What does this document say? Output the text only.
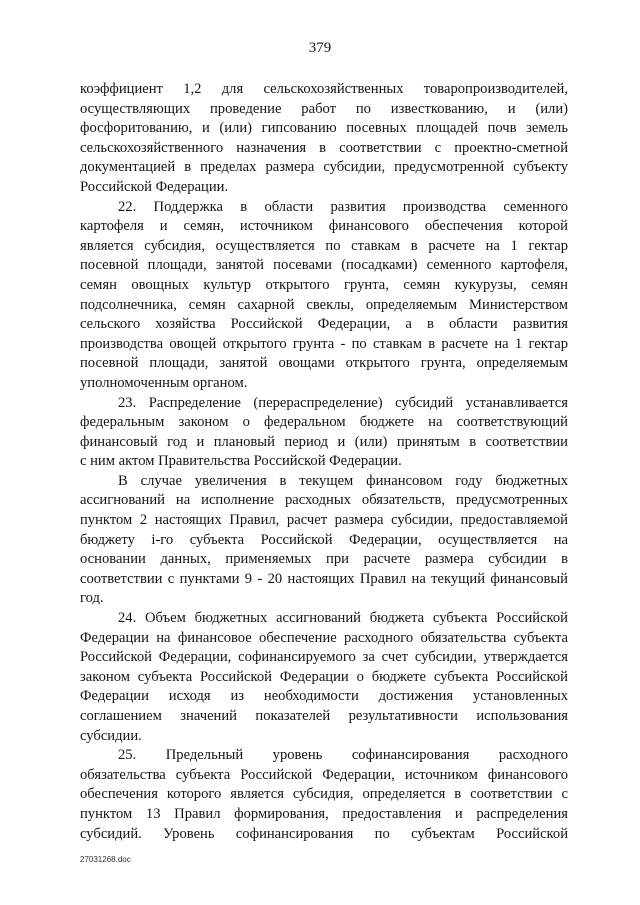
379
коэффициент 1,2 для сельскохозяйственных товаропроизводителей,
осуществляющих проведение работ по известкованию, и (или)
фосфоритованию, и (или) гипсованию посевных площадей почв земель
сельскохозяйственного назначения в соответствии с проектно-сметной
документацией в пределах размера субсидии, предусмотренной субъекту
Российской Федерации.
22. Поддержка в области развития производства семенного
картофеля и семян, источником финансового обеспечения которой
является субсидия, осуществляется по ставкам в расчете на 1 гектар
посевной площади, занятой посевами (посадками) семенного картофеля,
семян овощных культур открытого грунта, семян кукурузы, семян
подсолнечника, семян сахарной свеклы, определяемым Министерством
сельского хозяйства Российской Федерации, а в области развития
производства овощей открытого грунта - по ставкам в расчете на 1 гектар
посевной площади, занятой овощами открытого грунта, определяемым
уполномоченным органом.
23. Распределение (перераспределение) субсидий устанавливается
федеральным законом о федеральном бюджете на соответствующий
финансовый год и плановый период и (или) принятым в соответствии
с ним актом Правительства Российской Федерации.
В случае увеличения в текущем финансовом году бюджетных
ассигнований на исполнение расходных обязательств, предусмотренных
пунктом 2 настоящих Правил, расчет размера субсидии, предоставляемой
бюджету i-го субъекта Российской Федерации, осуществляется на
основании данных, применяемых при расчете размера субсидии в
соответствии с пунктами 9 - 20 настоящих Правил на текущий финансовый
год.
24. Объем бюджетных ассигнований бюджета субъекта Российской
Федерации на финансовое обеспечение расходного обязательства субъекта
Российской Федерации, софинансируемого за счет субсидии, утверждается
законом субъекта Российской Федерации о бюджете субъекта Российской
Федерации исходя из необходимости достижения установленных
соглашением значений показателей результативности использования
субсидии.
25. Предельный уровень софинансирования расходного
обязательства субъекта Российской Федерации, источником финансового
обеспечения которого является субсидия, определяется в соответствии с
пунктом 13 Правил формирования, предоставления и распределения
субсидий. Уровень софинансирования по субъектам Российской
27031268.doc
